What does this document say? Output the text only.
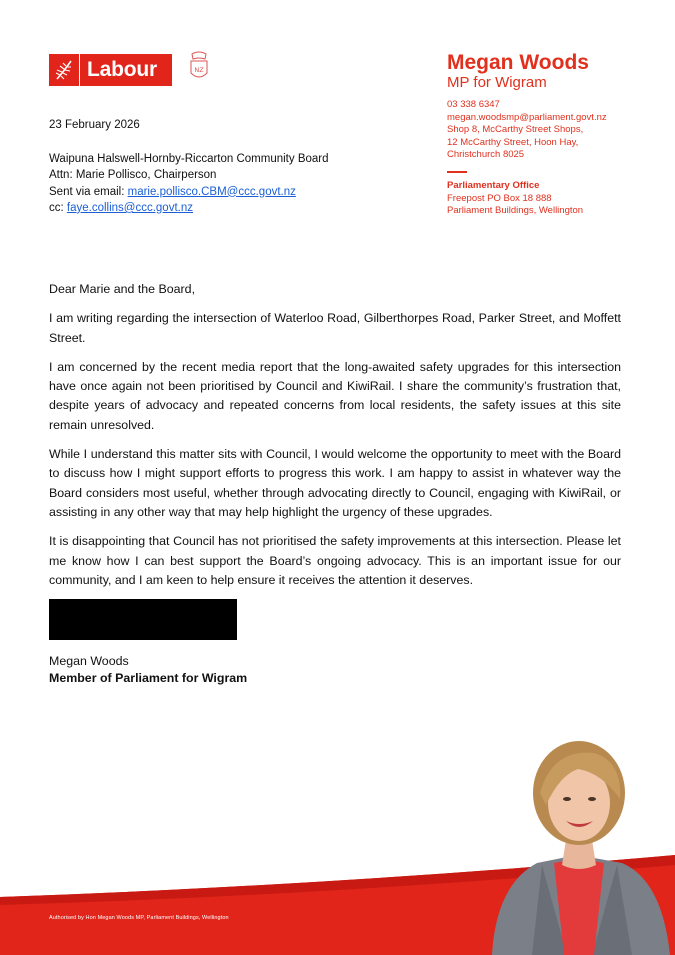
Labour	NZ	Megan Woods
MP for Wigram
03 338 6347
megan.woodsmp@parliament.govt.nz
Shop 8, McCarthy Street Shops,
12 McCarthy Street, Hoon Hay,
Christchurch 8025
Parliamentary Office
Freepost PO Box 18 888
Parliament Buildings, Wellington
23 February 2026
Waipuna Halswell-Hornby-Riccarton Community Board
Attn: Marie Pollisco, Chairperson
Sent via email: marie.pollisco.CBM@ccc.govt.nz
cc: faye.collins@ccc.govt.nz

Dear Marie and the Board,

I am writing regarding the intersection of Waterloo Road, Gilberthorpes Road, Parker Street, and Moffett Street.

I am concerned by the recent media report that the long-awaited safety upgrades for this intersection have once again not been prioritised by Council and KiwiRail. I share the community’s frustration that, despite years of advocacy and repeated concerns from local residents, the safety issues at this site remain unresolved.

While I understand this matter sits with Council, I would welcome the opportunity to meet with the Board to discuss how I might support efforts to progress this work. I am happy to assist in whatever way the Board considers most useful, whether through advocating directly to Council, engaging with KiwiRail, or assisting in any other way that may help highlight the urgency of these upgrades.

It is disappointing that Council has not prioritised the safety improvements at this intersection. Please let me know how I can best support the Board’s ongoing advocacy. This is an important issue for our community, and I am keen to help ensure it receives the attention it deserves.

Megan Woods
Member of Parliament for Wigram
Authorised by Hon Megan Woods MP, Parliament Buildings, Wellington
